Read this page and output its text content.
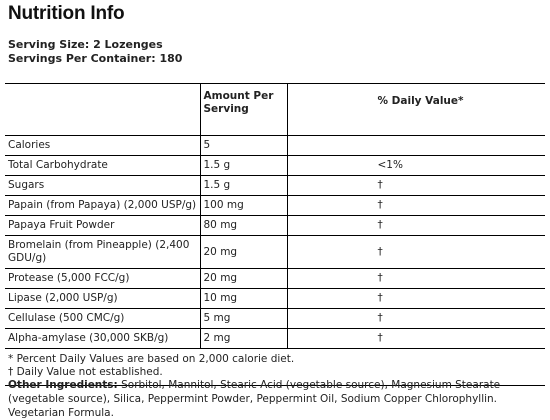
Nutrition Info
Serving Size: 2 Lozenges
Servings Per Container: 180
	Amount Per Serving	% Daily Value*

Calories	5	
Total Carbohydrate	1.5 g	<1%
Sugars	1.5 g	†
Papain (from Papaya) (2,000 USP/g)	100 mg	†
Papaya Fruit Powder	80 mg	†
Bromelain (from Pineapple) (2,400 GDU/g)	20 mg	†
Protease (5,000 FCC/g)	20 mg	†
Lipase (2,000 USP/g)	10 mg	†
Cellulase (500 CMC/g)	5 mg	†
Alpha-amylase (30,000 SKB/g)	2 mg	†
* Percent Daily Values are based on 2,000 calorie diet.		
† Daily Value not established.		
Other Ingredients: Sorbitol, Mannitol, Stearic Acid (vegetable source), Magnesium Stearate (vegetable source), Silica, Peppermint Powder, Peppermint Oil, Sodium Copper Chlorophyllin. Vegetarian Formula.
